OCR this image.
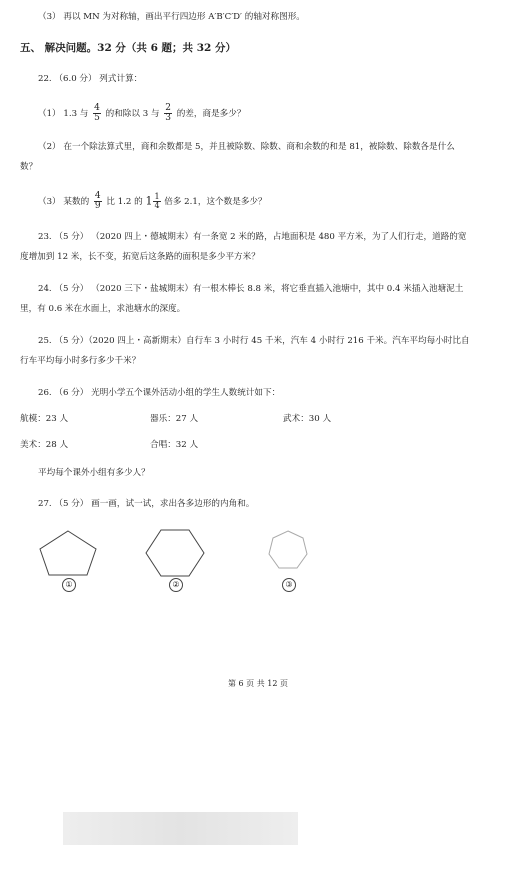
（3） 再以 MN 为对称轴，画出平行四边形 A′B′C′D′ 的轴对称图形。
五、 解决问题。32 分（共 6 题；共 32 分）
22. （6.0 分） 列式计算：
（1） 1.3 与 $\frac{4}{5}$ 的和除以 3 与 $\frac{2}{3}$ 的差，商是多少？
（2） 在一个除法算式里，商和余数都是 5，并且被除数、除数、商和余数的和是 81，被除数、除数各是什么
数？
（3） 某数的 $\frac{4}{9}$ 比 1.2 的 $1 \frac{1}{4}$ 倍多 2.1，这个数是多少？
23. （5 分） （2020 四上・德城期末）有一条宽 2 米的路，占地面积是 480 平方米，为了人们行走，道路的宽
度增加到 12 米，长不变，拓宽后这条路的面积是多少平方米？
24. （5 分） （2020 三下・盐城期末）有一根木棒长 8.8 米，将它垂直插入池塘中，其中 0.4 米插入池塘泥土
里，有 0.6 米在水面上，求池塘水的深度。
25. （5 分）（2020 四上・高新期末）自行车 3 小时行 45 千米，汽车 4 小时行 216 千米。汽车平均每小时比自
行车平均每小时多行多少千米？
26. （6 分） 光明小学五个课外活动小组的学生人数统计如下：
航模：23 人	器乐：27 人	武术：30 人
美术：28 人	合唱：32 人
平均每个课外小组有多少人？
27. （5 分） 画一画，试一试，求出各多边形的内角和。
①	②	③
第 6 页 共 12 页
